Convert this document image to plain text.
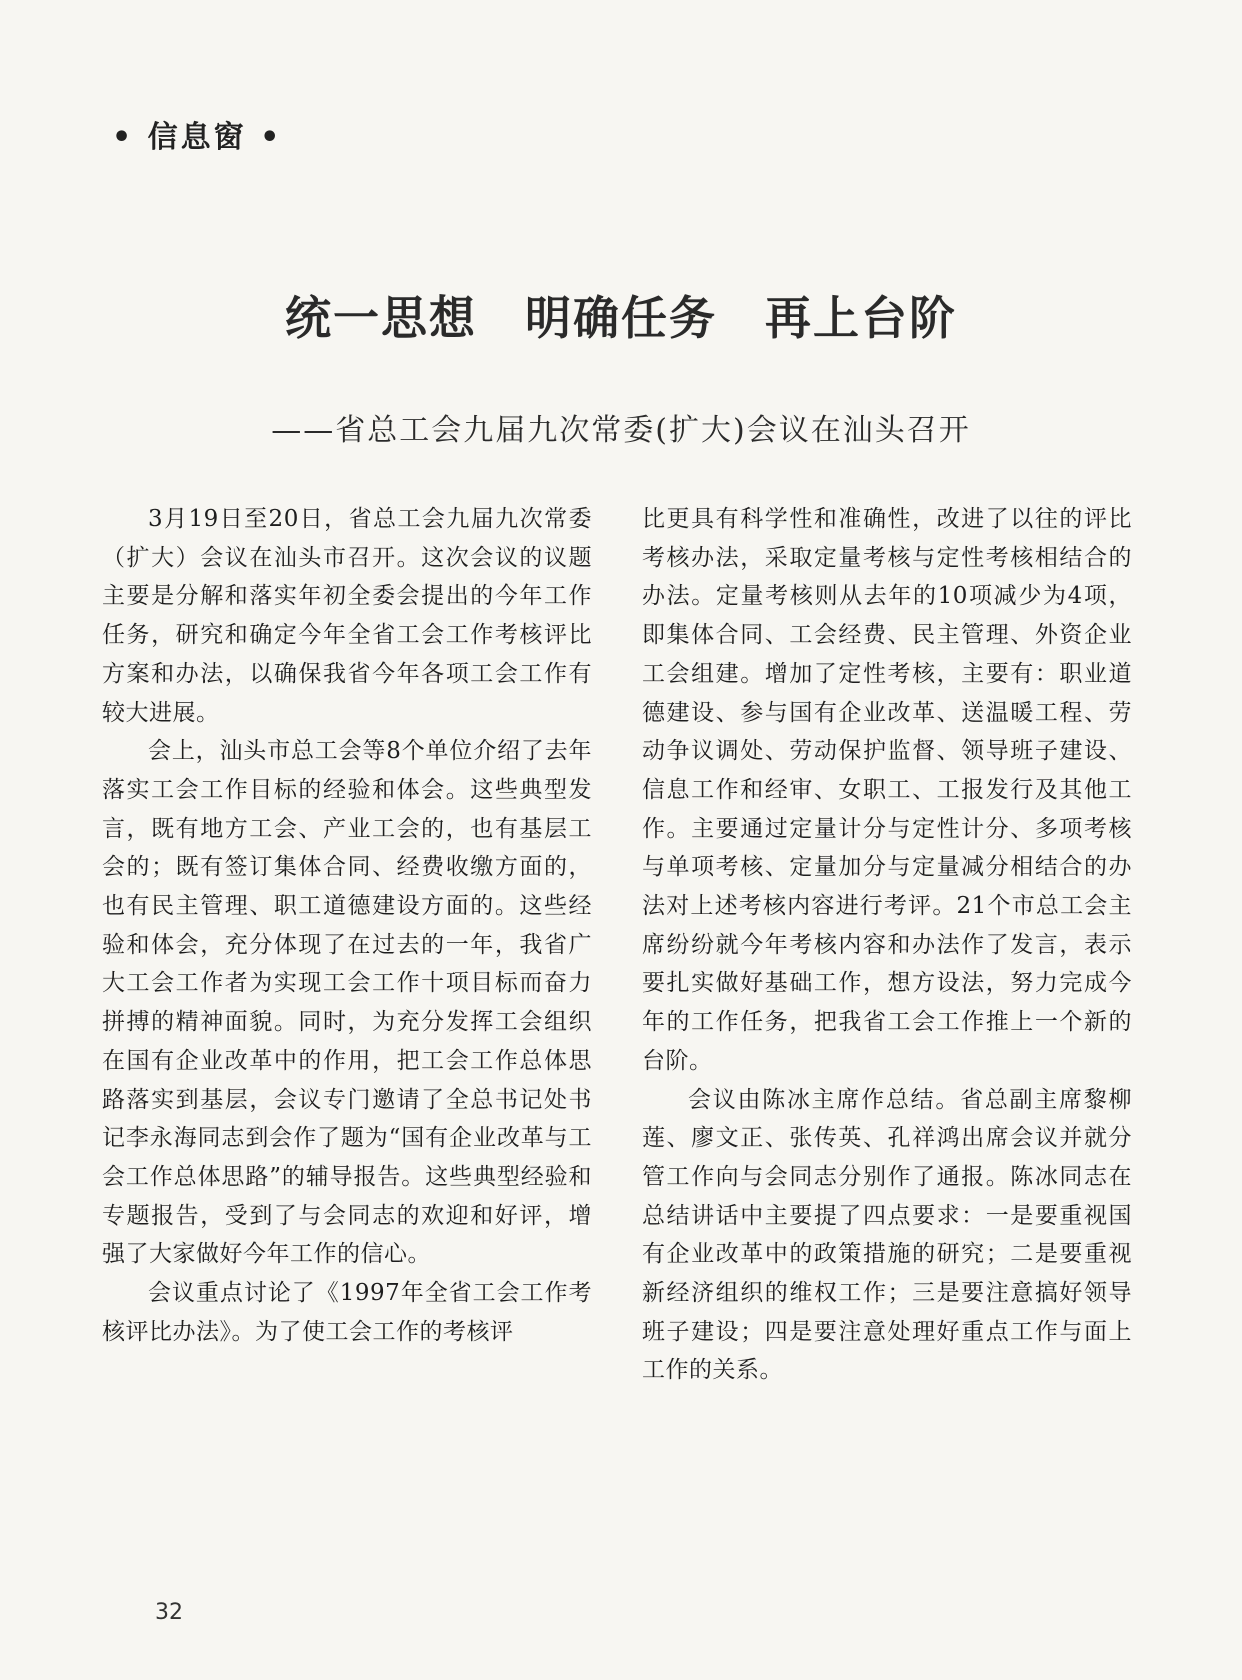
• 信息窗 •
统一思想　明确任务　再上台阶
——省总工会九届九次常委(扩大)会议在汕头召开

3月19日至20日，省总工会九届九次常委（扩大）会议在汕头市召开。这次会议的议题主要是分解和落实年初全委会提出的今年工作任务，研究和确定今年全省工会工作考核评比方案和办法，以确保我省今年各项工会工作有较大进展。

会上，汕头市总工会等8个单位介绍了去年落实工会工作目标的经验和体会。这些典型发言，既有地方工会、产业工会的，也有基层工会的；既有签订集体合同、经费收缴方面的，也有民主管理、职工道德建设方面的。这些经验和体会，充分体现了在过去的一年，我省广大工会工作者为实现工会工作十项目标而奋力拼搏的精神面貌。同时，为充分发挥工会组织在国有企业改革中的作用，把工会工作总体思路落实到基层，会议专门邀请了全总书记处书记李永海同志到会作了题为“国有企业改革与工会工作总体思路”的辅导报告。这些典型经验和专题报告，受到了与会同志的欢迎和好评，增强了大家做好今年工作的信心。

会议重点讨论了《1997年全省工会工作考核评比办法》。为了使工会工作的考核评

比更具有科学性和准确性，改进了以往的评比考核办法，采取定量考核与定性考核相结合的办法。定量考核则从去年的10项减少为4项，即集体合同、工会经费、民主管理、外资企业工会组建。增加了定性考核，主要有：职业道德建设、参与国有企业改革、送温暖工程、劳动争议调处、劳动保护监督、领导班子建设、信息工作和经审、女职工、工报发行及其他工作。主要通过定量计分与定性计分、多项考核与单项考核、定量加分与定量减分相结合的办法对上述考核内容进行考评。21个市总工会主席纷纷就今年考核内容和办法作了发言，表示要扎实做好基础工作，想方设法，努力完成今年的工作任务，把我省工会工作推上一个新的台阶。

会议由陈冰主席作总结。省总副主席黎柳莲、廖文正、张传英、孔祥鸿出席会议并就分管工作向与会同志分别作了通报。陈冰同志在总结讲话中主要提了四点要求：一是要重视国有企业改革中的政策措施的研究；二是要重视新经济组织的维权工作；三是要注意搞好领导班子建设；四是要注意处理好重点工作与面上工作的关系。

32
